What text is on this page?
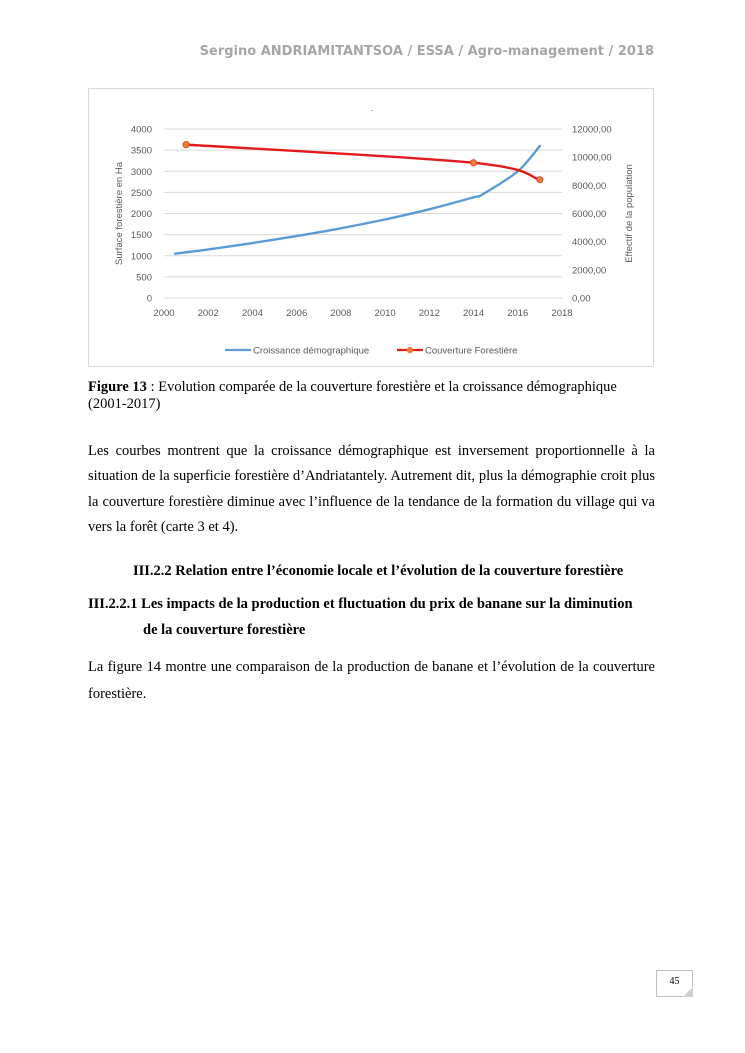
Sergino ANDRIAMITANTSOA / ESSA / Agro-management / 2018
.
0
500
1000
1500
2000
2500
3000
3500
4000
0,00
2000,00
4000,00
6000,00
8000,00
10000,00
12000,00
2000 2002 2004 2006 2008 2010 2012 2014 2016 2018
Surface forestière en Ha	Effectif de la population
Croissance démographique	Couverture Forestière
Figure 13 : Evolution comparée de la couverture forestière et la croissance démographique (2001-2017)
Les courbes montrent que la croissance démographique est inversement proportionnelle à la situation de la superficie forestière d’Andriatantely. Autrement dit, plus la démographie croit plus la couverture forestière diminue avec l’influence de la tendance de la formation du village qui va vers la forêt (carte 3 et 4).
III.2.2 Relation entre l’économie locale et l’évolution de la couverture forestière
III.2.2.1 Les impacts de la production et fluctuation du prix de banane sur la diminution
de la couverture forestière
La figure 14 montre une comparaison de la production de banane et l’évolution de la couverture forestière.
45
